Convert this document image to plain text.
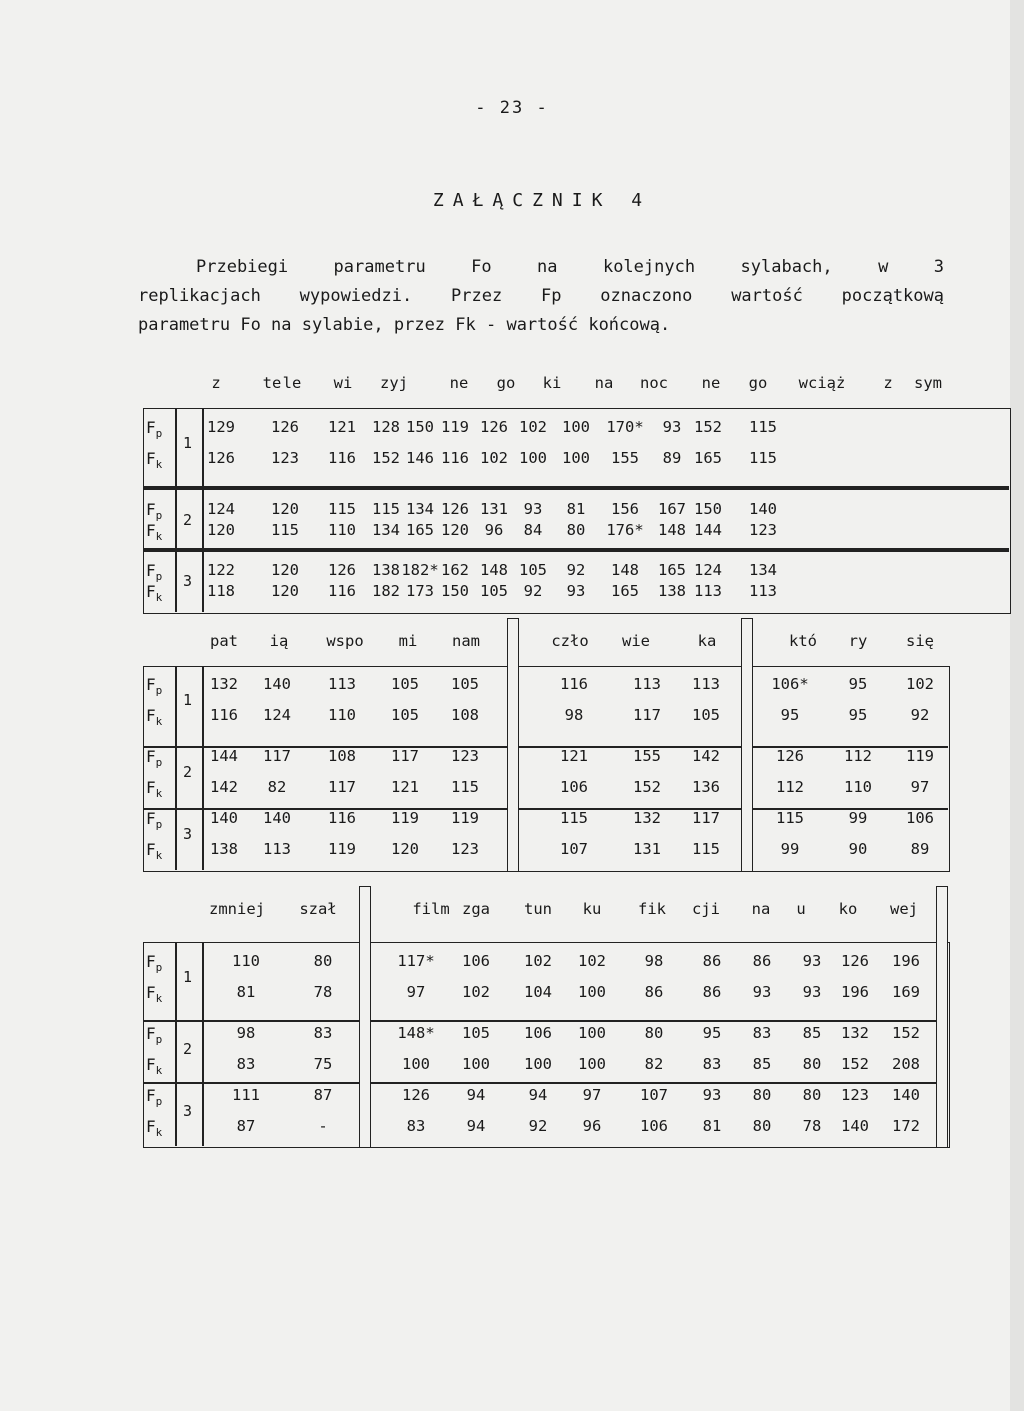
- 23 -
ZAŁĄCZNIK 4
Przebiegi parametru Fo na kolejnych sylabach, w 3
replikacjach wypowiedzi. Przez Fp oznaczono wartość początkową
parametru Fo na sylabie, przez Fk - wartość końcową.
z	te le	wi	zyj	ne	go	ki	na	noc	ne	go	wciąż	z	sym
$F_p$
$F_k$
1
129	126	121	128 150 119 126 102 100	170*	93 152	115
126	123	116	152 146 116 102 100 100	155	89 165	115
$F_p$
$F_k$
2
124	120	115	115 134 126 131	93	81	156	167 150	140
120	115	110	134 165 120	96	84	80	176* 148 144	123
$F_p$
$F_k$
3
122	120	126	138 182* 162 148 105	92	148	165 124	134
118	120	116	182 173 150 105	92	93	165	138 113	113
pat	ią	wspo	mi	nam	czło	wie	ka	któ	ry	się
$F_p$
$F_k$
1
132	140	113	105	105	116	113	113	106*	95	102
116	124	110	105	108	98	117	105	95	95	92
$F_p$
$F_k$
2
144	117	108	117	123	121	155	142	126	112	119
142	82	117	121	115	106	152	136	112	110	97
$F_p$
$F_k$
3
140	140	116	119	119	115	132	117	115	99	106
138	113	119	120	123	107	131	115	99	90	89
zmniej	szał	film zga	tun	ku	fik	cji	na	u	ko	wej
$F_p$
$F_k$
1
110	80	117*	106	102	102	98	86	86	93	126	196
81	78	97	102	104	100	86	86	93	93	196	169
$F_p$
$F_k$
2
98	83	148*	105	106	100	80	95	83	85	132	152
83	75	100	100	100	100	82	83	85	80	152	208
$F_p$
$F_k$
3
111	87	126	94	94	97	107	93	80	80	123	140
87	-	83	94	92	96	106	81	80	78	140	172
